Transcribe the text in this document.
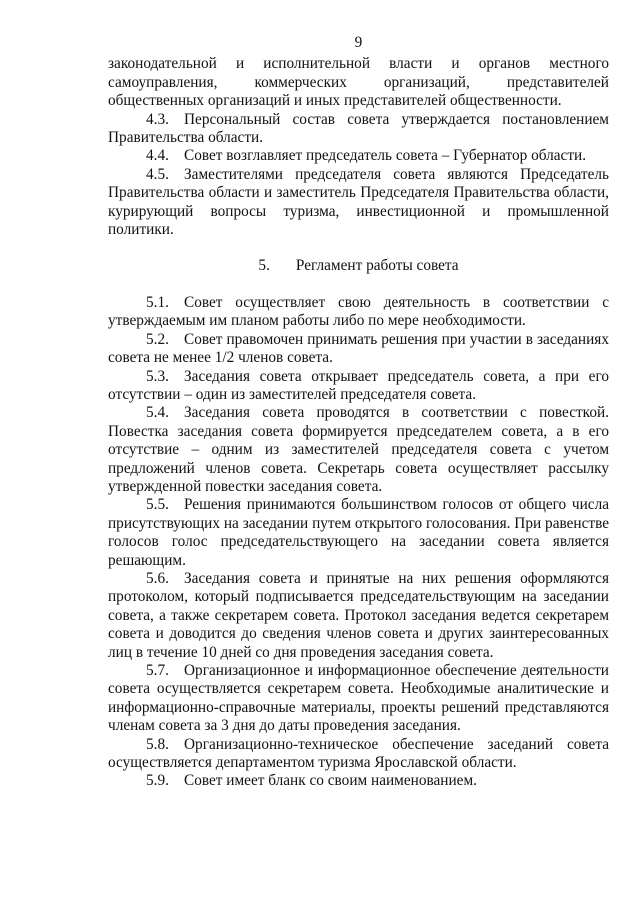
9

законодательной и исполнительной власти и органов местного самоуправления, коммерческих организаций, представителей общественных организаций и иных представителей общественности.

4.3. Персональный состав совета утверждается постановлением Правительства области.

4.4. Совет возглавляет председатель совета – Губернатор области.

4.5. Заместителями председателя совета являются Председатель Правительства области и заместитель Председателя Правительства области, курирующий вопросы туризма, инвестиционной и промышленной политики.

5. Регламент работы совета

5.1. Совет осуществляет свою деятельность в соответствии с утверждаемым им планом работы либо по мере необходимости.

5.2. Совет правомочен принимать решения при участии в заседаниях совета не менее 1/2 членов совета.

5.3. Заседания совета открывает председатель совета, а при его отсутствии – один из заместителей председателя совета.

5.4. Заседания совета проводятся в соответствии с повесткой. Повестка заседания совета формируется председателем совета, а в его отсутствие – одним из заместителей председателя совета с учетом предложений членов совета. Секретарь совета осуществляет рассылку утвержденной повестки заседания совета.

5.5. Решения принимаются большинством голосов от общего числа присутствующих на заседании путем открытого голосования. При равенстве голосов голос председательствующего на заседании совета является решающим.

5.6. Заседания совета и принятые на них решения оформляются протоколом, который подписывается председательствующим на заседании совета, а также секретарем совета. Протокол заседания ведется секретарем совета и доводится до сведения членов совета и других заинтересованных лиц в течение 10 дней со дня проведения заседания совета.

5.7. Организационное и информационное обеспечение деятельности совета осуществляется секретарем совета. Необходимые аналитические и информационно-справочные материалы, проекты решений представляются членам совета за 3 дня до даты проведения заседания.

5.8. Организационно-техническое обеспечение заседаний совета осуществляется департаментом туризма Ярославской области.

5.9. Совет имеет бланк со своим наименованием.
